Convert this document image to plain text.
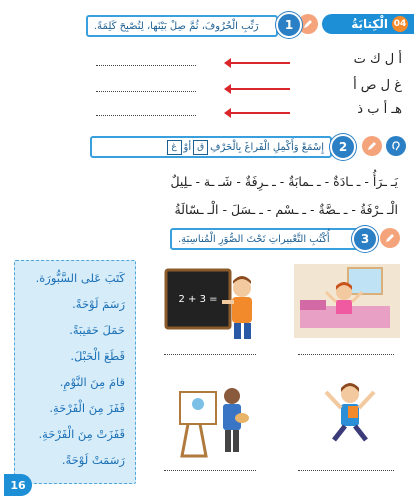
04
الْكِتابَةُ
رَتِّبِ الْحُرُوفَ، ثُمَّ صِلْ بَيْنَها، لِتُصْبِحَ كَلِمَةً.	1
أ ل ك ت
غ ل ص أ
هـ أ ب ذ
إِسْمَعْ وَأَكْمِلِ الْفَراغَ بِالْحَرْفِ
ق
أوْ
غ	2
يَـ ـرَأُ - ـ ـادَةٌ - ـ ـمابَةٌ - ـ ـرِفَةٌ - شَـ ـة - ـلِيلٌ
الْـ ـرْفَةُ - ـ ـصَّةٌ - ـ ـسْم - ـ ـسَلَ - الْـ ـسّالَةُ
أُكْتُبِ التَّعْبيراتِ تَحْتَ الصُّوَرِ الْمُناسِبَةِ.	3
كَتَبَ عَلى السَّبُّورَة.
رَسَمَ لَوْحَةً.
حَمَلَ حَقيبَةً.
قَطَعَ الْحَبْلَ.
قامَ مِنَ النَّوْمِ.
قَفَزَ مِنَ الْفَرْحَةِ.
قَفَزَتْ مِنَ الْفَرْحَةِ.
رَسَمَتْ لَوْحَةً.
2 + 3 =
16
